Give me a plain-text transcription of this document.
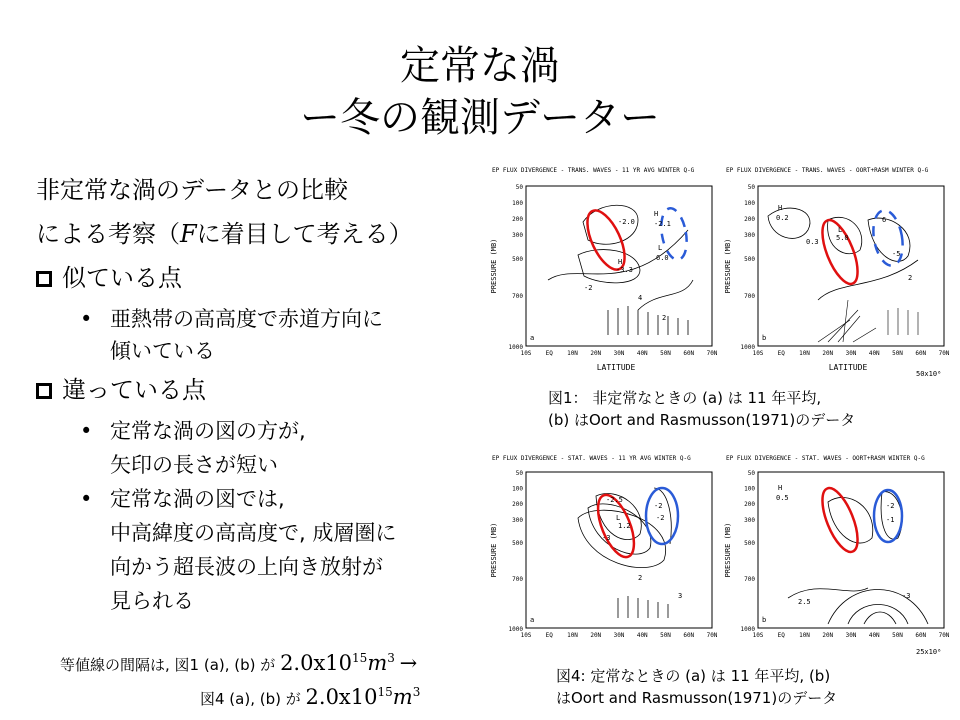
定常な渦
ー冬の観測データー
非定常な渦のデータとの比較
による考察（Fに着目して考える）
似ている点
• 亜熱帯の高高度で赤道方向に
傾いている
違っている点
• 定常な渦の図の方が,
矢印の長さが短い
• 定常な渦の図では,
中高緯度の高高度で, 成層圏に
向かう超長波の上向き放射が
見られる
等値線の間隔は, 図1 (a), (b) が $2.0x10^{15}m^3$ →
図4 (a), (b) が $2.0x10^{15}m^3$
図1： 非定常なときの (a) は 11 年平均,
(b) はOort and Rasmusson(1971)のデータ
図4: 定常なときの (a) は 11 年平均, (b)
はOort and Rasmusson(1971)のデータ
EP FLUX DIVERGENCE - TRANS. WAVES - 11 YR AVG WINTER Q-G	EP FLUX DIVERGENCE - TRANS. WAVES - OORT+RASM WINTER Q-G
PRESSURE (MB)
a
50
100
200
300
500
700
1000
10S EQ 10N 20N 30N 40N 50N 60N 70N
-2.0
H
-2.1
L
6.0
H
-3.3
-2
4
2
LATITUDE
PRESSURE (MB)
b
50
100
200
300
500
700
1000
10S EQ 10N 20N 30N 40N 50N 60N 70N
H
0.2
L
5.0
6
0.3
-5
2
LATITUDE
50x10⁶
EP FLUX DIVERGENCE - STAT. WAVES - 11 YR AVG WINTER Q-G	EP FLUX DIVERGENCE - STAT. WAVES - OORT+RASM WINTER Q-G
PRESSURE (MB)
a
50
100
200
300
500
700
1000
10S EQ 10N 20N 30N 40N 50N 60N 70N
-2.5
L
1.2
-2
-2
-3
2
3
PRESSURE (MB)
b
50
100
200
300
500
700
1000
10S EQ 10N 20N 30N 40N 50N 60N 70N
H
0.5
-2
-1
-3
2.5
25x10⁶
